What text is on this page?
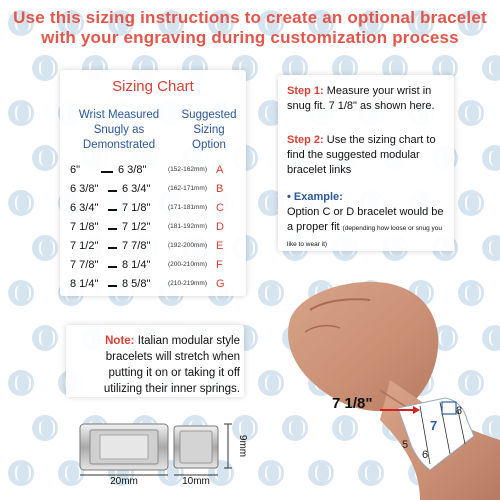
Use this sizing instructions to create an optional bracelet
with your engraving during customization process
Sizing Chart
Wrist Measured
Snugly as
Demonstrated
Suggested
Sizing
Option
6"	6 3/8"	(152-162mm) A
6 3/8" 6 3/4"	(162-171mm) B
6 3/4" 7 1/8"	(171-181mm) C
7 1/8" 7 1/2"	(181-192mm) D
7 1/2" 7 7/8"	(192-200mm) E
7 7/8" 8 1/4"	(200-210mm) F
8 1/4" 8 5/8"	(210-219mm) G
Step 1: Measure your wrist in snug fit. 7 1/8" as shown here.
Step 2: Use the sizing chart to find the suggested modular bracelet links
• Example:
Option C or D bracelet would be a proper fit (depending how loose or snug you like to wear it)
Note: Italian modular style bracelets will stretch when putting it on or taking it off utilizing their inner springs.
20mm	10mm
9mm	5
6
7
8
7 1/8"
